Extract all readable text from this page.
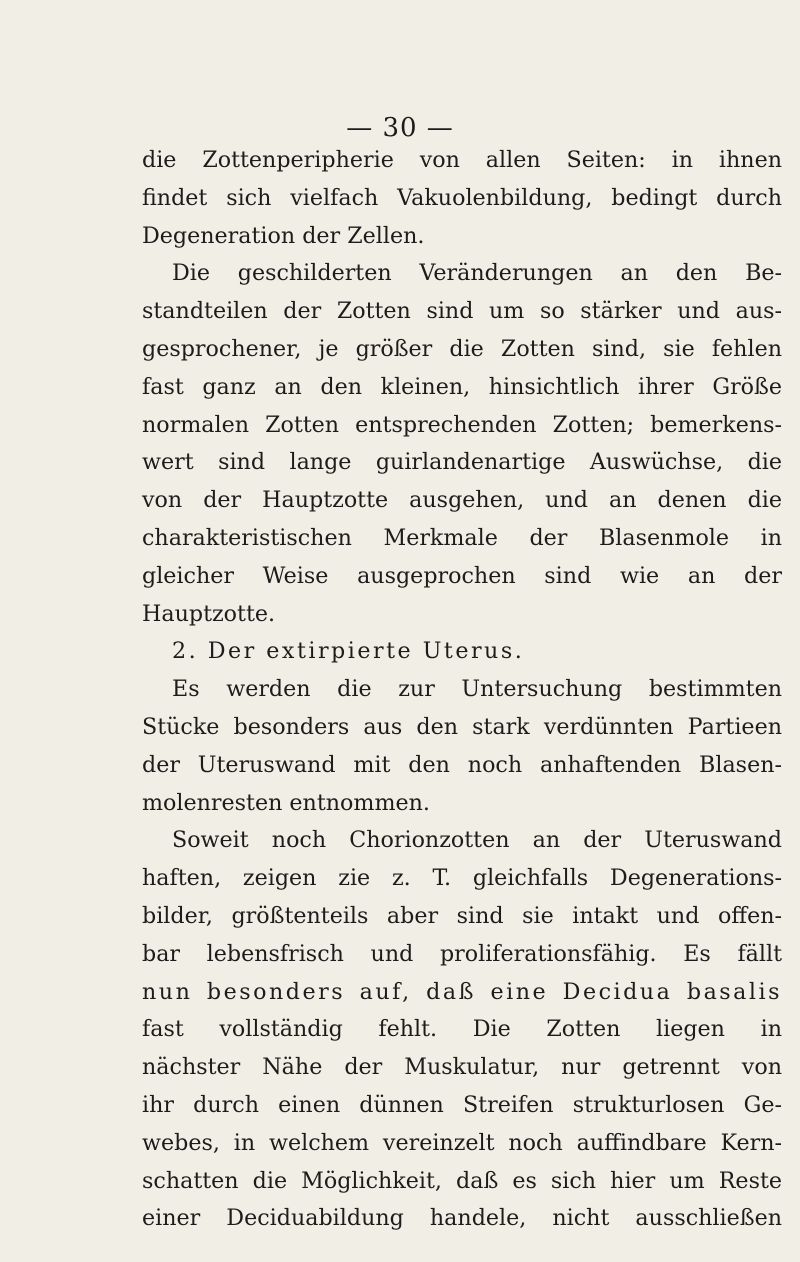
— 30 —
die Zottenperipherie von allen Seiten: in ihnen
findet sich vielfach Vakuolenbildung, bedingt durch
Degeneration der Zellen.
Die geschilderten Veränderungen an den Be-
standteilen der Zotten sind um so stärker und aus-
gesprochener, je größer die Zotten sind, sie fehlen
fast ganz an den kleinen, hinsichtlich ihrer Größe
normalen Zotten entsprechenden Zotten; bemerkens-
wert sind lange guirlandenartige Auswüchse, die
von der Hauptzotte ausgehen, und an denen die
charakteristischen Merkmale der Blasenmole in
gleicher Weise ausgeprochen sind wie an der
Hauptzotte.
2. Der extirpierte Uterus.
Es werden die zur Untersuchung bestimmten
Stücke besonders aus den stark verdünnten Partieen
der Uteruswand mit den noch anhaftenden Blasen-
molenresten entnommen.
Soweit noch Chorionzotten an der Uteruswand
haften, zeigen zie z. T. gleichfalls Degenerations-
bilder, größtenteils aber sind sie intakt und offen-
bar lebensfrisch und proliferationsfähig. Es fällt
nun besonders auf, daß eine Decidua basalis
fast vollständig fehlt. Die Zotten liegen in
nächster Nähe der Muskulatur, nur getrennt von
ihr durch einen dünnen Streifen strukturlosen Ge-
webes, in welchem vereinzelt noch auffindbare Kern-
schatten die Möglichkeit, daß es sich hier um Reste
einer Deciduabildung handele, nicht ausschließen
